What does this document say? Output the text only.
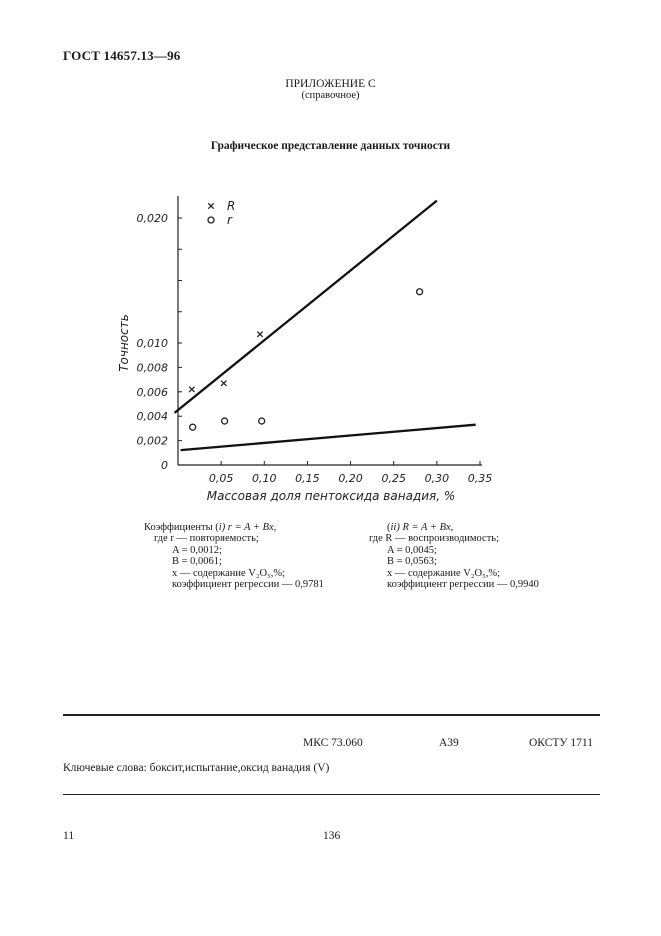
ГОСТ 14657.13—96
ПРИЛОЖЕНИЕ С
(справочное)
Графическое представление данных точности
0,05 0,10 0,15 0,20 0,25 0,30 0,35
0
0,002
0,004
0,006
0,008
0,010
0,020
Массовая доля пентоксида ванадия, %
Точность
R
r
Коэффициенты (i) r = A + Bx,
где r — повторяемость;
A = 0,0012;
B = 0,0061;
x — содержание V₂O₅,%;
коэффициент регрессии — 0,9781
(ii) R = A + Bx,
где R — воспроизводимость;
A = 0,0045;
B = 0,0563;
x — содержание V₂O₅,%;
коэффициент регрессии — 0,9940
МКС 73.060	А39	ОКСТУ 1711
Ключевые слова: боксит,испытание,оксид ванадия (V)
11	136
